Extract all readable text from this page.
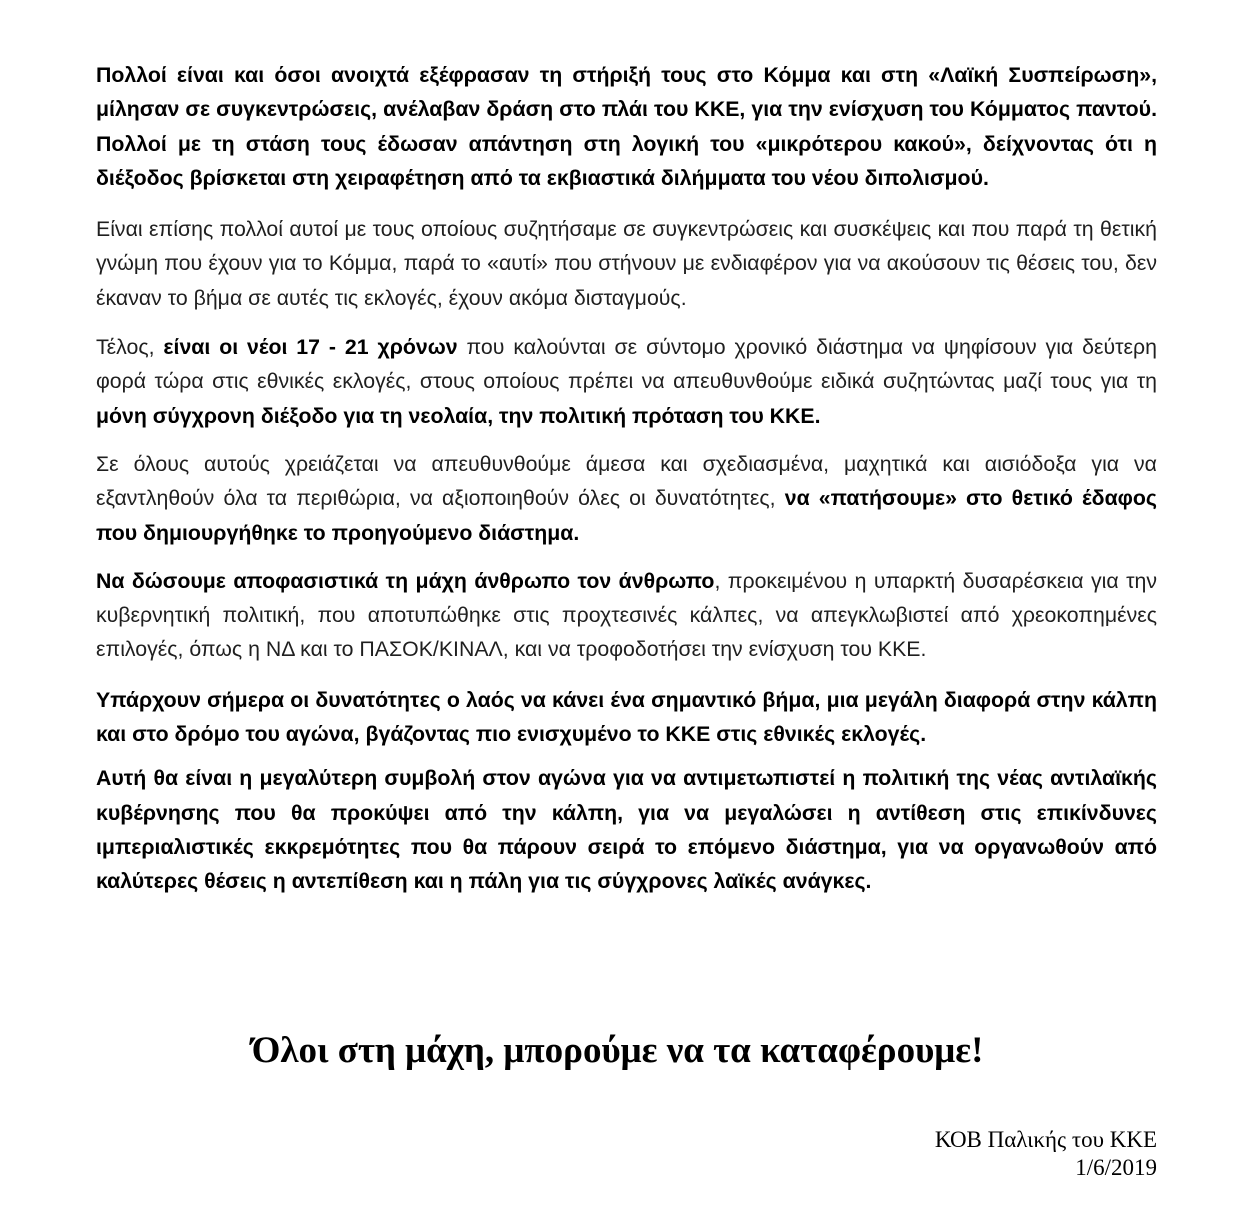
Πολλοί είναι και όσοι ανοιχτά εξέφρασαν τη στήριξή τους στο Κόμμα και στη «Λαϊκή Συσπείρωση», μίλησαν σε συγκεντρώσεις, ανέλαβαν δράση στο πλάι του ΚΚΕ, για την ενίσχυση του Κόμματος παντού. Πολλοί με τη στάση τους έδωσαν απάντηση στη λογική του «μικρότερου κακού», δείχνοντας ότι η διέξοδος βρίσκεται στη χειραφέτηση από τα εκβιαστικά διλήμματα του νέου διπολισμού.

Είναι επίσης πολλοί αυτοί με τους οποίους συζητήσαμε σε συγκεντρώσεις και συσκέψεις και που παρά τη θετική γνώμη που έχουν για το Κόμμα, παρά το «αυτί» που στήνουν με ενδιαφέρον για να ακούσουν τις θέσεις του, δεν έκαναν το βήμα σε αυτές τις εκλογές, έχουν ακόμα δισταγμούς.

Τέλος, είναι οι νέοι 17 - 21 χρόνων που καλούνται σε σύντομο χρονικό διάστημα να ψηφίσουν για δεύτερη φορά τώρα στις εθνικές εκλογές, στους οποίους πρέπει να απευθυνθούμε ειδικά συζητώντας μαζί τους για τη μόνη σύγχρονη διέξοδο για τη νεολαία, την πολιτική πρόταση του ΚΚΕ.

Σε όλους αυτούς χρειάζεται να απευθυνθούμε άμεσα και σχεδιασμένα, μαχητικά και αισιόδοξα για να εξαντληθούν όλα τα περιθώρια, να αξιοποιηθούν όλες οι δυνατότητες, να «πατήσουμε» στο θετικό έδαφος που δημιουργήθηκε το προηγούμενο διάστημα.

Να δώσουμε αποφασιστικά τη μάχη άνθρωπο τον άνθρωπο, προκειμένου η υπαρκτή δυσαρέσκεια για την κυβερνητική πολιτική, που αποτυπώθηκε στις προχτεσινές κάλπες, να απεγκλωβιστεί από χρεοκοπημένες επιλογές, όπως η ΝΔ και το ΠΑΣΟΚ/ΚΙΝΑΛ, και να τροφοδοτήσει την ενίσχυση του ΚΚΕ.

Υπάρχουν σήμερα οι δυνατότητες ο λαός να κάνει ένα σημαντικό βήμα, μια μεγάλη διαφορά στην κάλπη και στο δρόμο του αγώνα, βγάζοντας πιο ενισχυμένο το ΚΚΕ στις εθνικές εκλογές.

Αυτή θα είναι η μεγαλύτερη συμβολή στον αγώνα για να αντιμετωπιστεί η πολιτική της νέας αντιλαϊκής κυβέρνησης που θα προκύψει από την κάλπη, για να μεγαλώσει η αντίθεση στις επικίνδυνες ιμπεριαλιστικές εκκρεμότητες που θα πάρουν σειρά το επόμενο διάστημα, για να οργανωθούν από καλύτερες θέσεις η αντεπίθεση και η πάλη για τις σύγχρονες λαϊκές ανάγκες.

Όλοι στη μάχη, μπορούμε να τα καταφέρουμε!
ΚΟΒ Παλικής του ΚΚΕ
1/6/2019
